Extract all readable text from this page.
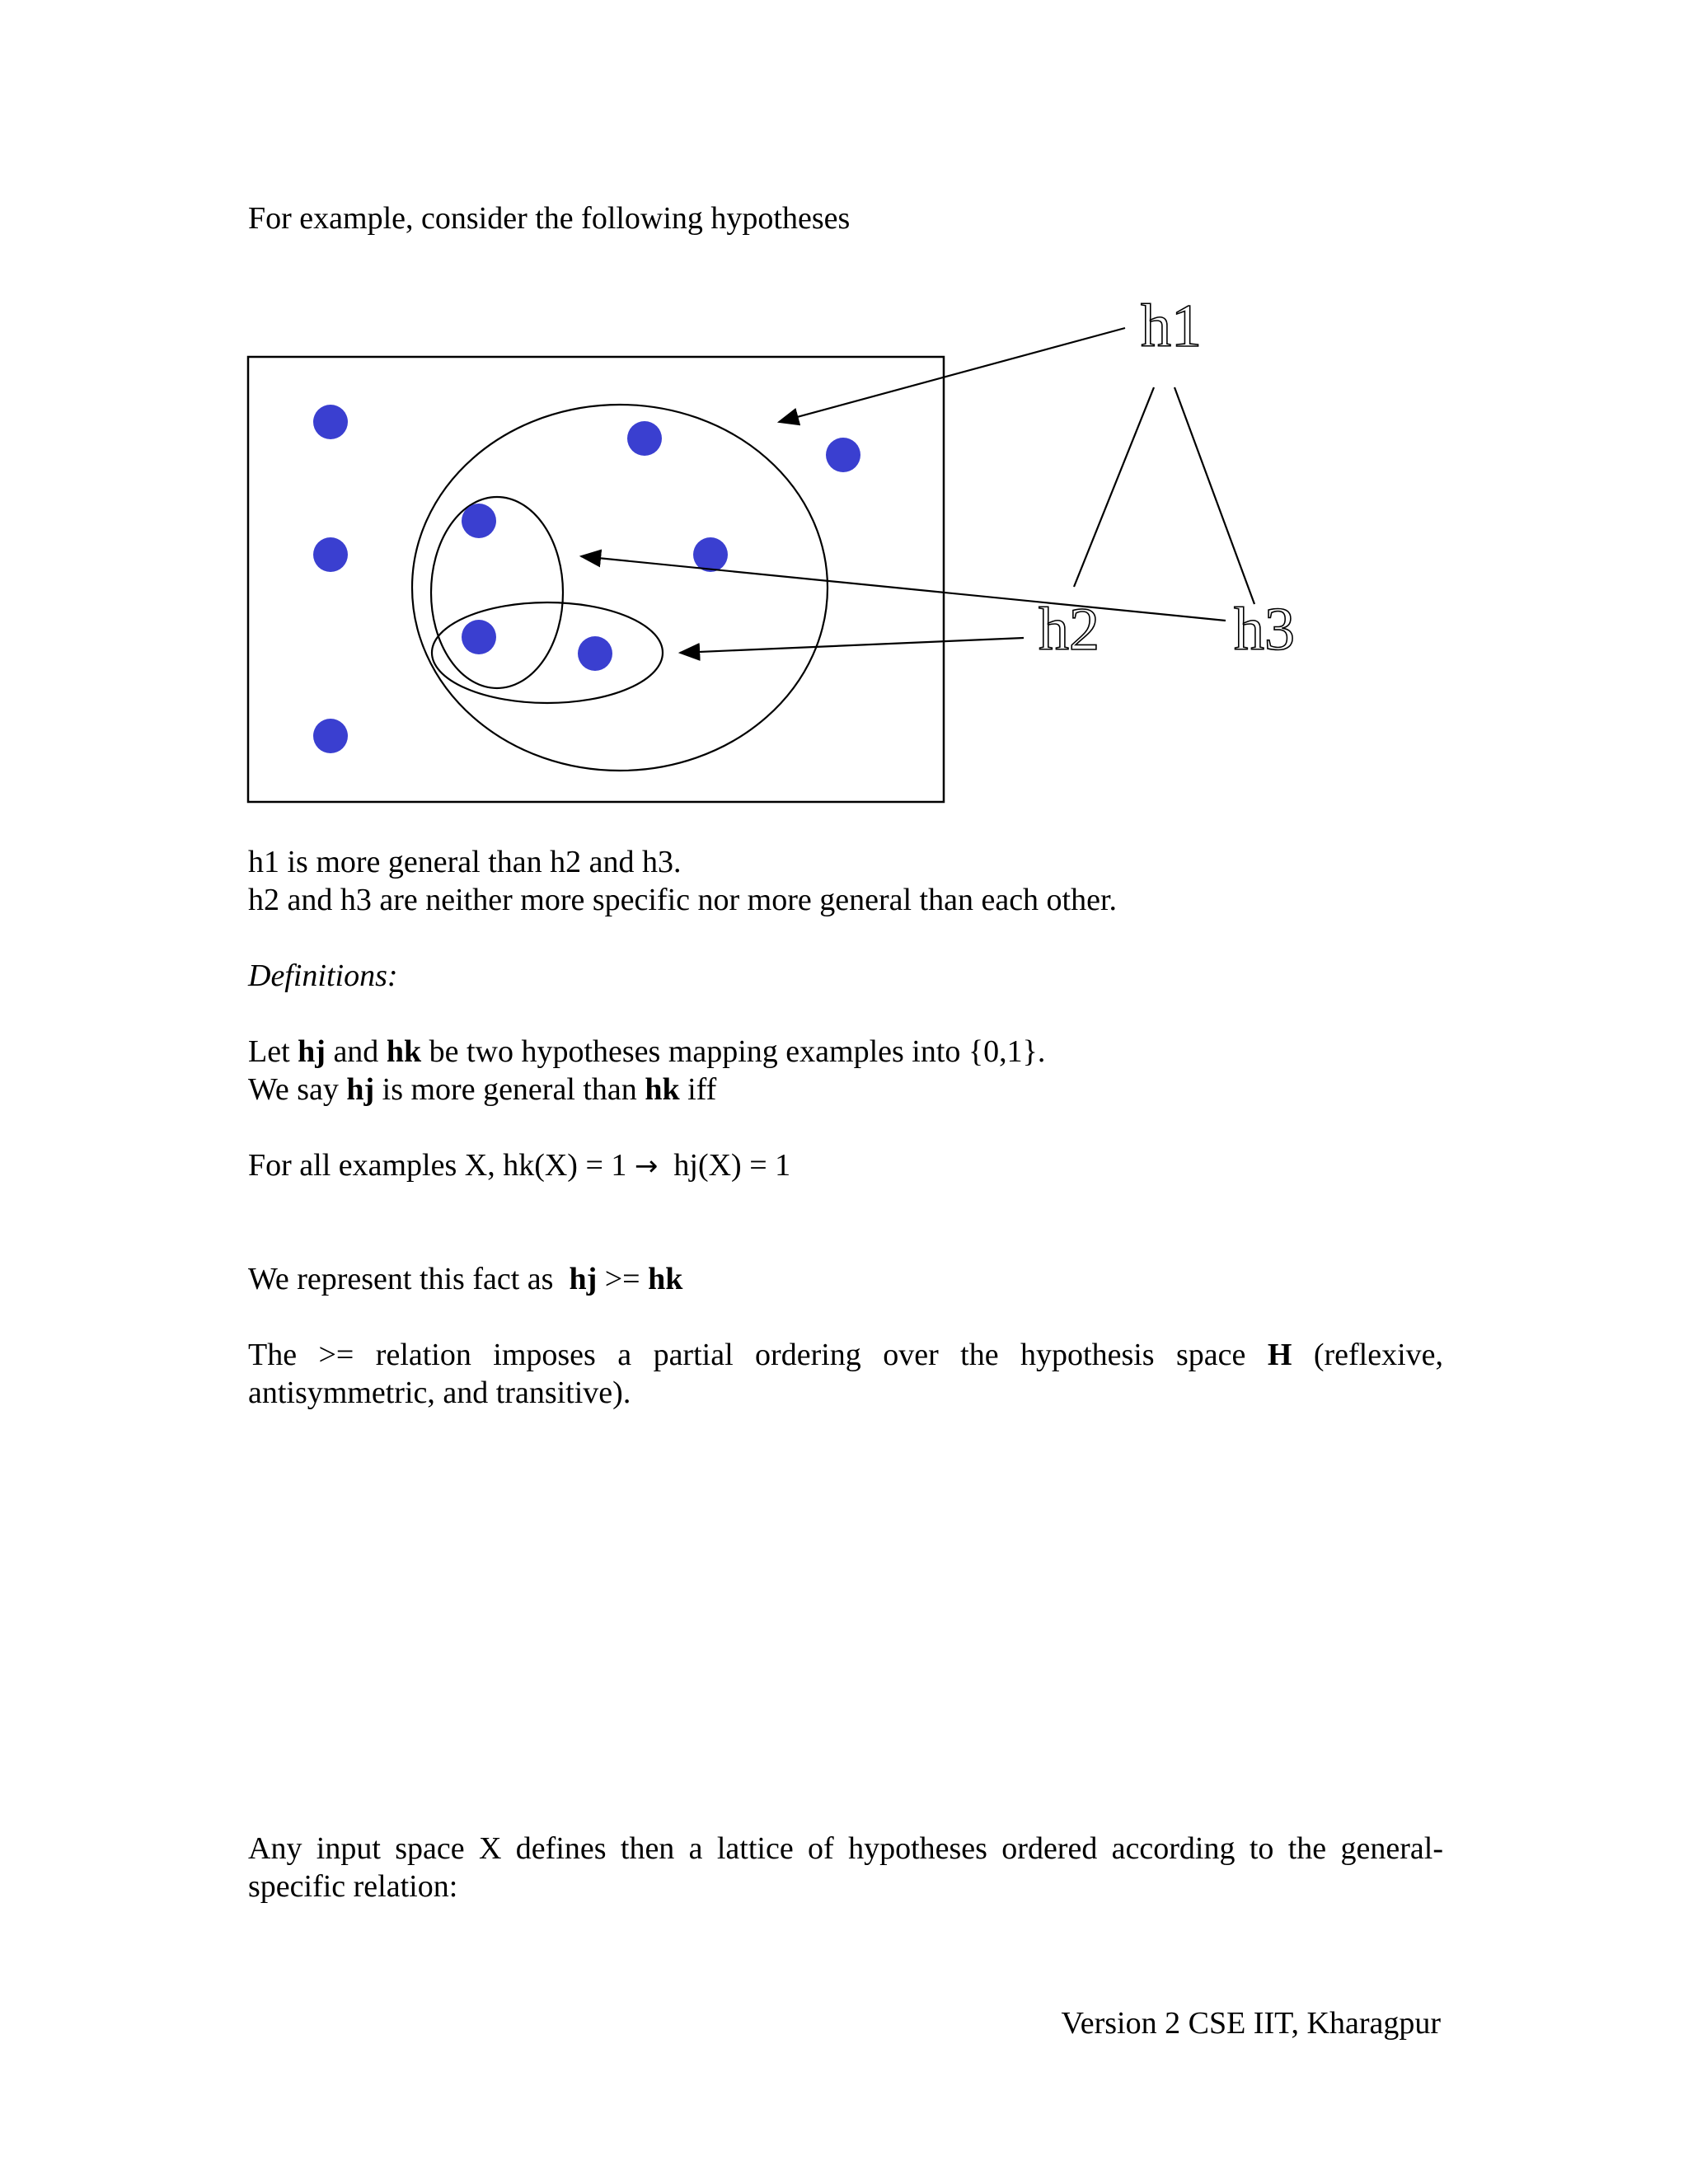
For example, consider the following hypotheses
h1
h2 h3
h1 is more general than h2 and h3.
h2 and h3 are neither more specific nor more general than each other.
Definitions:
Let hj and hk be two hypotheses mapping examples into {0,1}.
We say hj is more general than hk iff
For all examples X, hk(X) = 1 → hj(X) = 1
We represent this fact as  hj >= hk
The >= relation imposes a partial ordering over the hypothesis space H (reflexive, antisymmetric, and transitive).
Any input space X defines then a lattice of hypotheses ordered according to the general-specific relation:
Version 2 CSE IIT, Kharagpur
